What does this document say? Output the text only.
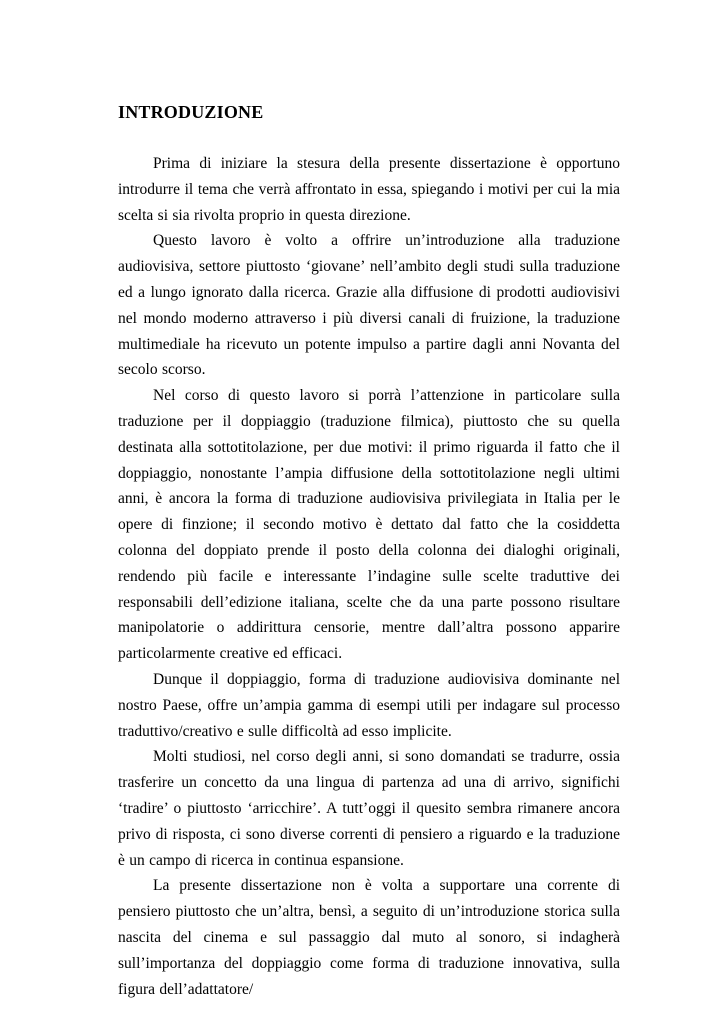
INTRODUZIONE

Prima di iniziare la stesura della presente dissertazione è opportuno introdurre il tema che verrà affrontato in essa, spiegando i motivi per cui la mia scelta si sia rivolta proprio in questa direzione.

Questo lavoro è volto a offrire un’introduzione alla traduzione audiovisiva, settore piuttosto ‘giovane’ nell’ambito degli studi sulla traduzione ed a lungo ignorato dalla ricerca. Grazie alla diffusione di prodotti audiovisivi nel mondo moderno attraverso i più diversi canali di fruizione, la traduzione multimediale ha ricevuto un potente impulso a partire dagli anni Novanta del secolo scorso.

Nel corso di questo lavoro si porrà l’attenzione in particolare sulla traduzione per il doppiaggio (traduzione filmica), piuttosto che su quella destinata alla sottotitolazione, per due motivi: il primo riguarda il fatto che il doppiaggio, nonostante l’ampia diffusione della sottotitolazione negli ultimi anni, è ancora la forma di traduzione audiovisiva privilegiata in Italia per le opere di finzione; il secondo motivo è dettato dal fatto che la cosiddetta colonna del doppiato prende il posto della colonna dei dialoghi originali, rendendo più facile e interessante l’indagine sulle scelte traduttive dei responsabili dell’edizione italiana, scelte che da una parte possono risultare manipolatorie o addirittura censorie, mentre dall’altra possono apparire particolarmente creative ed efficaci.

Dunque il doppiaggio, forma di traduzione audiovisiva dominante nel nostro Paese, offre un’ampia gamma di esempi utili per indagare sul processo traduttivo/creativo e sulle difficoltà ad esso implicite.

Molti studiosi, nel corso degli anni, si sono domandati se tradurre, ossia trasferire un concetto da una lingua di partenza ad una di arrivo, significhi ‘tradire’ o piuttosto ‘arricchire’. A tutt’oggi il quesito sembra rimanere ancora privo di risposta, ci sono diverse correnti di pensiero a riguardo e la traduzione è un campo di ricerca in continua espansione.

La presente dissertazione non è volta a supportare una corrente di pensiero piuttosto che un’altra, bensì, a seguito di un’introduzione storica sulla nascita del cinema e sul passaggio dal muto al sonoro, si indagherà sull’importanza del doppiaggio come forma di traduzione innovativa, sulla figura dell’adattatore/
